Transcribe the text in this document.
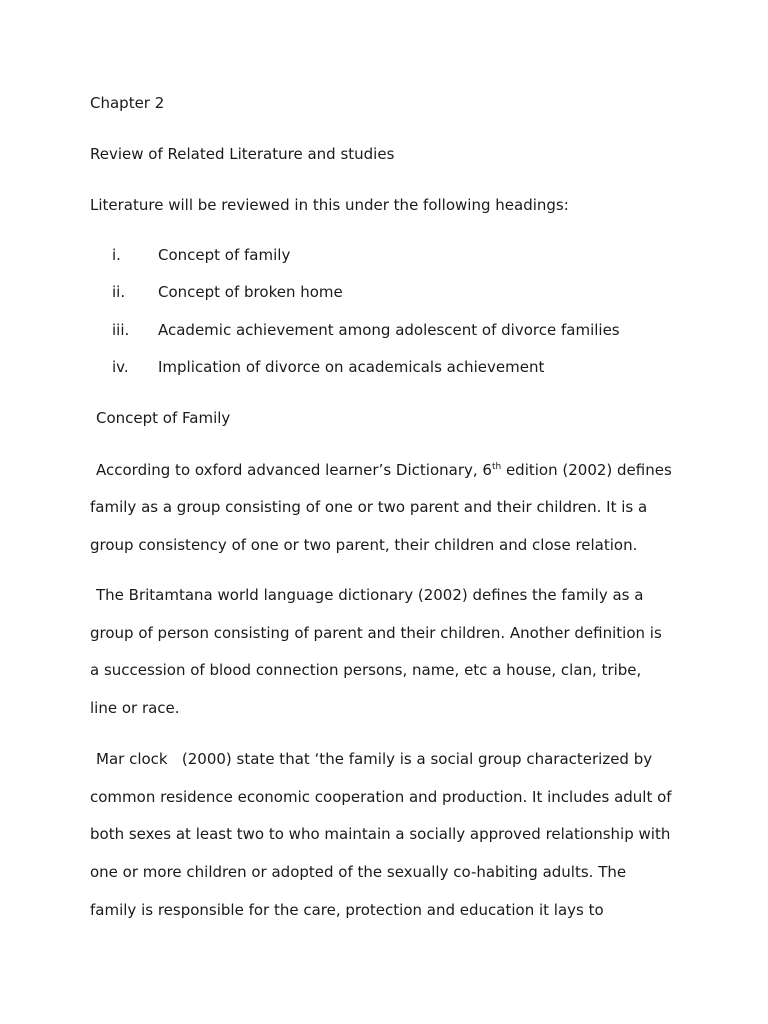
Chapter 2
Review of Related Literature and studies
Literature will be reviewed in this under the following headings:
i. Concept of family
ii. Concept of broken home
iii. Academic achievement among adolescent of divorce families
iv. Implication of divorce on academicals achievement
Concept of Family
According to oxford advanced learner’s Dictionary, 6th edition (2002) defines
family as a group consisting of one or two parent and their children. It is a
group consistency of one or two parent, their children and close relation.
The Britamtana world language dictionary (2002) defines the family as a
group of person consisting of parent and their children. Another definition is
a succession of blood connection persons, name, etc a house, clan, tribe,
line or race.
Mar clock   (2000) state that ‘the family is a social group characterized by
common residence economic cooperation and production. It includes adult of
both sexes at least two to who maintain a socially approved relationship with
one or more children or adopted of the sexually co-habiting adults. The
family is responsible for the care, protection and education it lays to
